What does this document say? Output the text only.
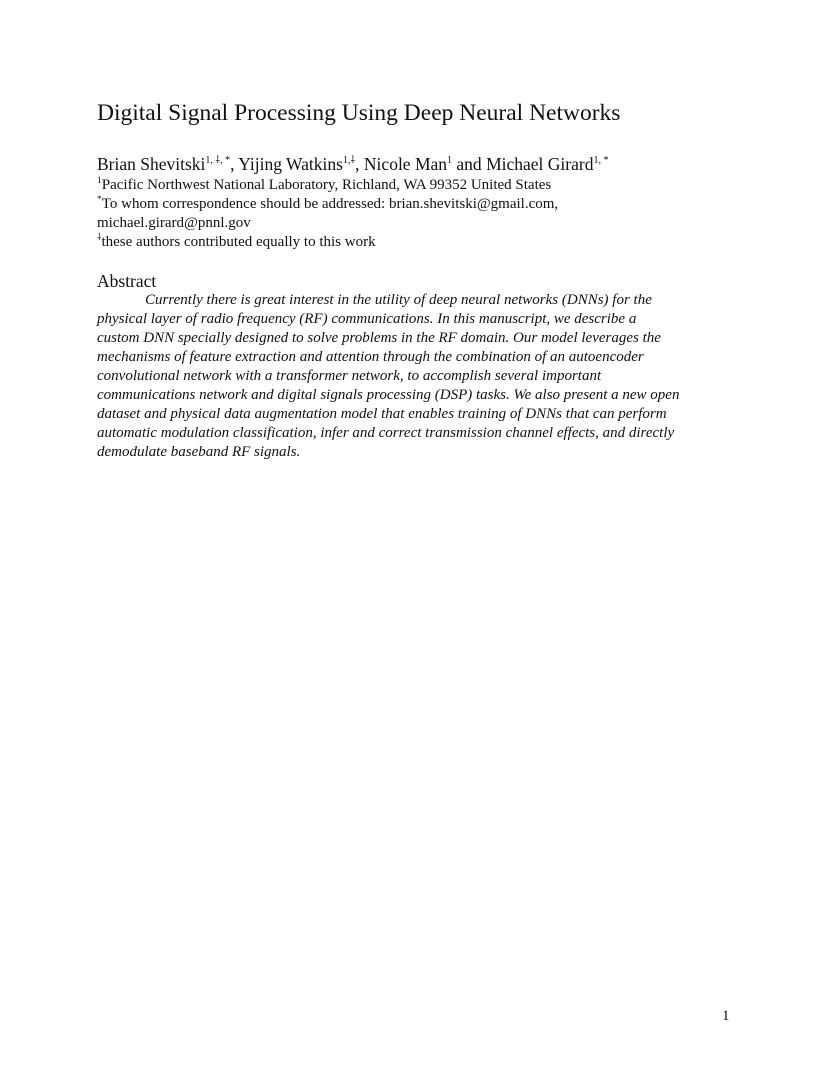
Digital Signal Processing Using Deep Neural Networks
Brian Shevitski$^{1, ⸸, *}$, Yijing Watkins$^{1,⸸}$, Nicole Man$^1$ and Michael Girard$^{1, *}$
$^1$Pacific Northwest National Laboratory, Richland, WA 99352 United States
*To whom correspondence should be addressed: brian.shevitski@gmail.com,
michael.girard@pnnl.gov
⸸these authors contributed equally to this work
Abstract
Currently there is great interest in the utility of deep neural networks (DNNs) for the
physical layer of radio frequency (RF) communications. In this manuscript, we describe a
custom DNN specially designed to solve problems in the RF domain. Our model leverages the
mechanisms of feature extraction and attention through the combination of an autoencoder
convolutional network with a transformer network, to accomplish several important
communications network and digital signals processing (DSP) tasks. We also present a new open
dataset and physical data augmentation model that enables training of DNNs that can perform
automatic modulation classification, infer and correct transmission channel effects, and directly
demodulate baseband RF signals.
1
